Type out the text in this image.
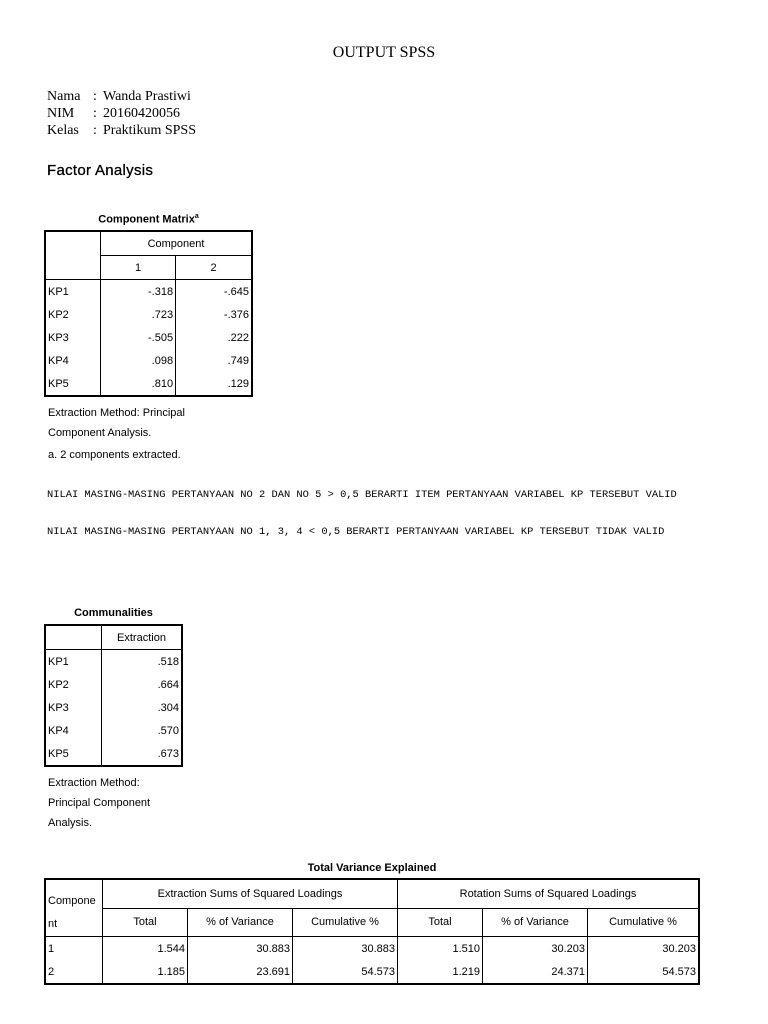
OUTPUT SPSS
Nama : Wanda Prastiwi
NIM	: 20160420056
Kelas	: Praktikum SPSS
Factor Analysis
Component Matrix$^a$
	Component	
	1	2
KP1	-.318	-.645
KP2	.723	-.376
KP3	-.505	.222
KP4	.098	.749
KP5	.810	.129
Extraction Method: Principal
Component Analysis.
a. 2 components extracted.
NILAI MASING-MASING PERTANYAAN NO 2 DAN NO 5 > 0,5 BERARTI ITEM PERTANYAAN VARIABEL KP TERSEBUT VALID
NILAI MASING-MASING PERTANYAAN NO 1, 3, 4 < 0,5 BERARTI PERTANYAAN VARIABEL KP TERSEBUT TIDAK VALID
Communalities
	Extraction
KP1	.518
KP2	.664
KP3	.304
KP4	.570
KP5	.673
Extraction Method:
Principal Component
Analysis.
Total Variance Explained
Compone
nt	Extraction Sums of Squared Loadings			Rotation Sums of Squared Loadings		
	Total	% of Variance	Cumulative %	Total	% of Variance	Cumulative %
1	1.544	30.883	30.883	1.510	30.203	30.203
2	1.185	23.691	54.573	1.219	24.371	54.573
